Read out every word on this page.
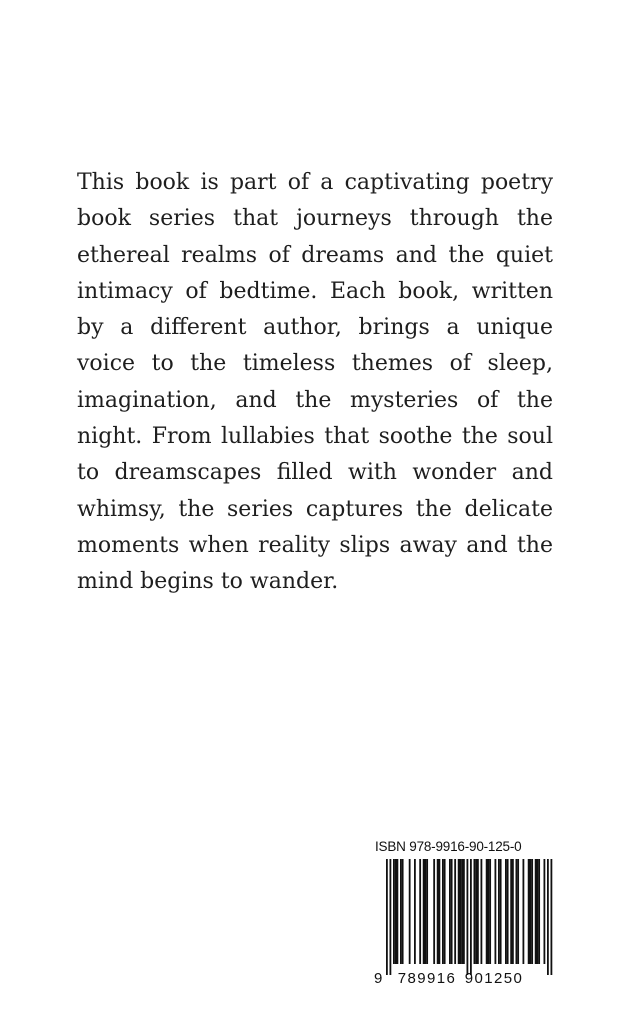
This book is part of a captivating poetry book series that journeys through the ethereal realms of dreams and the quiet intimacy of bedtime. Each book, written by a different author, brings a unique voice to the timeless themes of sleep, imagination, and the mysteries of the night. From lullabies that soothe the soul to dreamscapes filled with wonder and whimsy, the series captures the delicate moments when reality slips away and the mind begins to wander.

ISBN 978-9916-90-125-0
9 789916 901250
